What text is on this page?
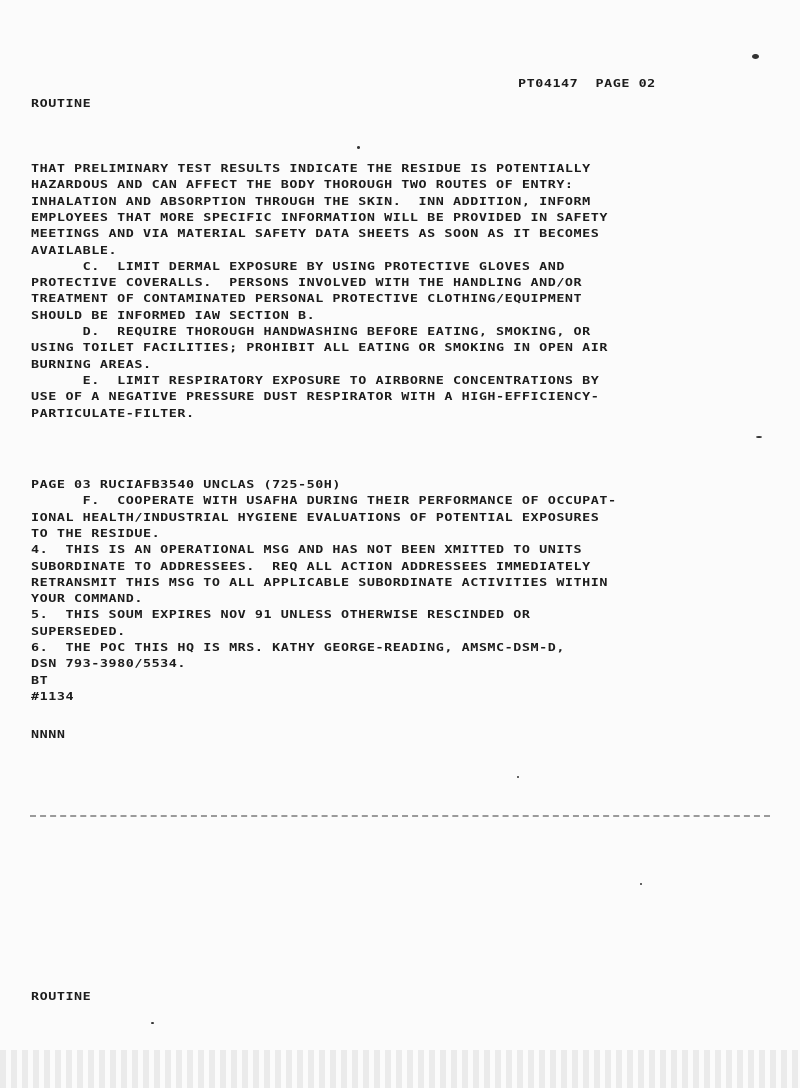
PT04147  PAGE 02
ROUTINE
THAT PRELIMINARY TEST RESULTS INDICATE THE RESIDUE IS POTENTIALLY
HAZARDOUS AND CAN AFFECT THE BODY THOROUGH TWO ROUTES OF ENTRY:
INHALATION AND ABSORPTION THROUGH THE SKIN.  INN ADDITION, INFORM
EMPLOYEES THAT MORE SPECIFIC INFORMATION WILL BE PROVIDED IN SAFETY
MEETINGS AND VIA MATERIAL SAFETY DATA SHEETS AS SOON AS IT BECOMES
AVAILABLE.
C.  LIMIT DERMAL EXPOSURE BY USING PROTECTIVE GLOVES AND
PROTECTIVE COVERALLS.  PERSONS INVOLVED WITH THE HANDLING AND/OR
TREATMENT OF CONTAMINATED PERSONAL PROTECTIVE CLOTHING/EQUIPMENT
SHOULD BE INFORMED IAW SECTION B.
D.  REQUIRE THOROUGH HANDWASHING BEFORE EATING, SMOKING, OR
USING TOILET FACILITIES; PROHIBIT ALL EATING OR SMOKING IN OPEN AIR
BURNING AREAS.
E.  LIMIT RESPIRATORY EXPOSURE TO AIRBORNE CONCENTRATIONS BY
USE OF A NEGATIVE PRESSURE DUST RESPIRATOR WITH A HIGH-EFFICIENCY-
PARTICULATE-FILTER.
PAGE 03 RUCIAFB3540 UNCLAS (725-50H)
F.  COOPERATE WITH USAFHA DURING THEIR PERFORMANCE OF OCCUPAT-
IONAL HEALTH/INDUSTRIAL HYGIENE EVALUATIONS OF POTENTIAL EXPOSURES
TO THE RESIDUE.
4.  THIS IS AN OPERATIONAL MSG AND HAS NOT BEEN XMITTED TO UNITS
SUBORDINATE TO ADDRESSEES.  REQ ALL ACTION ADDRESSEES IMMEDIATELY
RETRANSMIT THIS MSG TO ALL APPLICABLE SUBORDINATE ACTIVITIES WITHIN
YOUR COMMAND.
5.  THIS SOUM EXPIRES NOV 91 UNLESS OTHERWISE RESCINDED OR
SUPERSEDED.
6.  THE POC THIS HQ IS MRS. KATHY GEORGE-READING, AMSMC-DSM-D,
DSN 793-3980/5534.
BT
#1134
NNNN
ROUTINE
